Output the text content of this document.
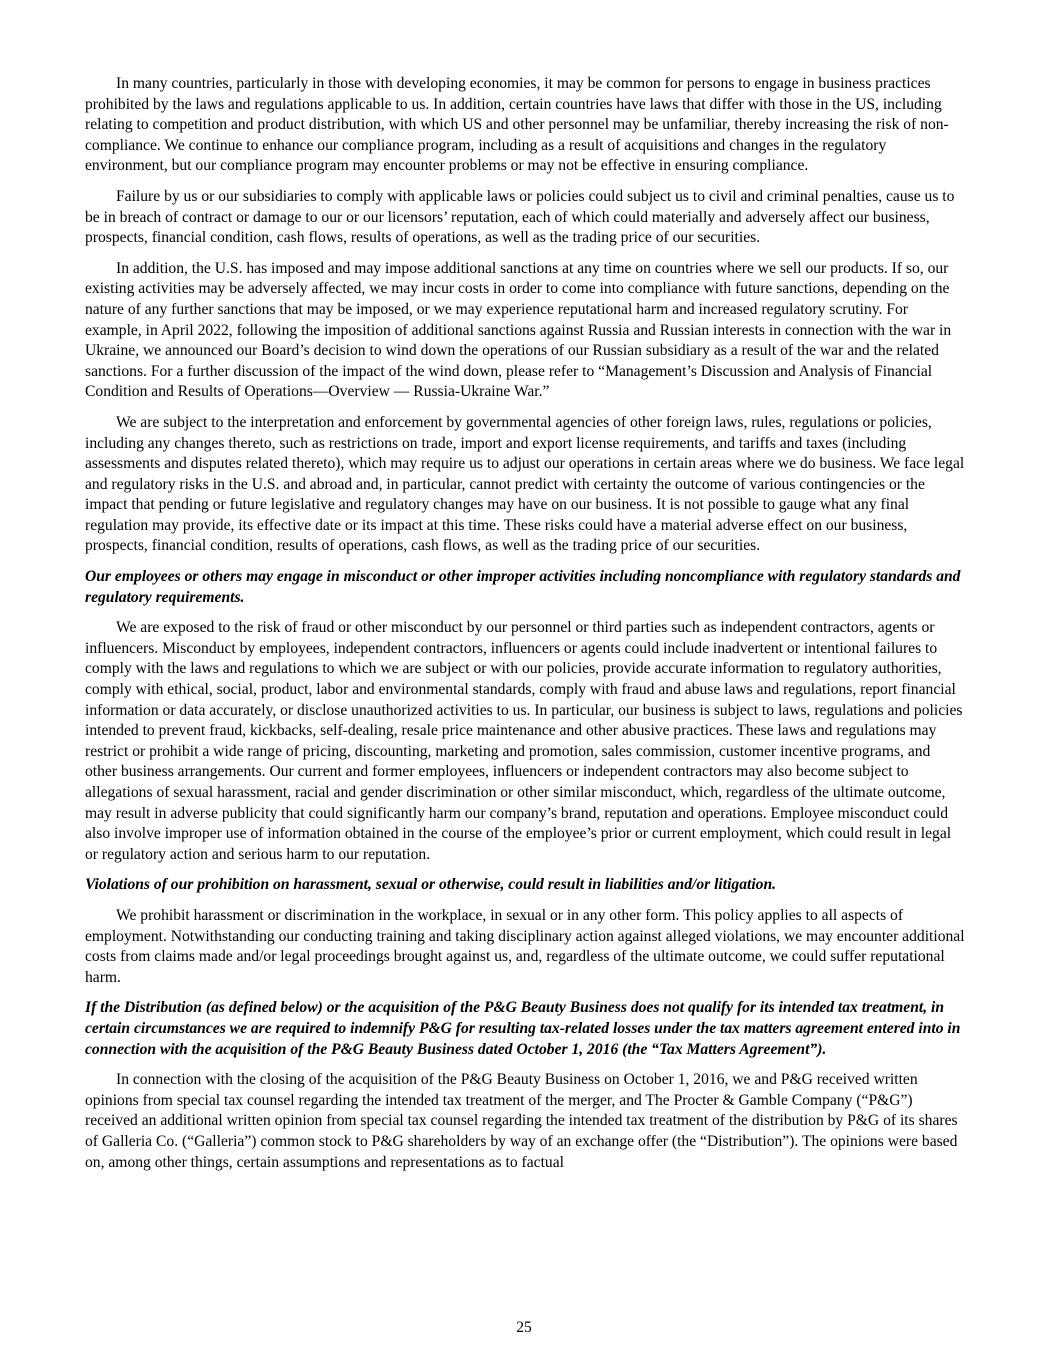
In many countries, particularly in those with developing economies, it may be common for persons to engage in business practices prohibited by the laws and regulations applicable to us. In addition, certain countries have laws that differ with those in the US, including relating to competition and product distribution, with which US and other personnel may be unfamiliar, thereby increasing the risk of non-compliance. We continue to enhance our compliance program, including as a result of acquisitions and changes in the regulatory environment, but our compliance program may encounter problems or may not be effective in ensuring compliance.

Failure by us or our subsidiaries to comply with applicable laws or policies could subject us to civil and criminal penalties, cause us to be in breach of contract or damage to our or our licensors’ reputation, each of which could materially and adversely affect our business, prospects, financial condition, cash flows, results of operations, as well as the trading price of our securities.

In addition, the U.S. has imposed and may impose additional sanctions at any time on countries where we sell our products. If so, our existing activities may be adversely affected, we may incur costs in order to come into compliance with future sanctions, depending on the nature of any further sanctions that may be imposed, or we may experience reputational harm and increased regulatory scrutiny. For example, in April 2022, following the imposition of additional sanctions against Russia and Russian interests in connection with the war in Ukraine, we announced our Board’s decision to wind down the operations of our Russian subsidiary as a result of the war and the related sanctions. For a further discussion of the impact of the wind down, please refer to “Management’s Discussion and Analysis of Financial Condition and Results of Operations—Overview — Russia-Ukraine War.”

We are subject to the interpretation and enforcement by governmental agencies of other foreign laws, rules, regulations or policies, including any changes thereto, such as restrictions on trade, import and export license requirements, and tariffs and taxes (including assessments and disputes related thereto), which may require us to adjust our operations in certain areas where we do business. We face legal and regulatory risks in the U.S. and abroad and, in particular, cannot predict with certainty the outcome of various contingencies or the impact that pending or future legislative and regulatory changes may have on our business. It is not possible to gauge what any final regulation may provide, its effective date or its impact at this time. These risks could have a material adverse effect on our business, prospects, financial condition, results of operations, cash flows, as well as the trading price of our securities.

Our employees or others may engage in misconduct or other improper activities including noncompliance with regulatory standards and regulatory requirements.

We are exposed to the risk of fraud or other misconduct by our personnel or third parties such as independent contractors, agents or influencers. Misconduct by employees, independent contractors, influencers or agents could include inadvertent or intentional failures to comply with the laws and regulations to which we are subject or with our policies, provide accurate information to regulatory authorities, comply with ethical, social, product, labor and environmental standards, comply with fraud and abuse laws and regulations, report financial information or data accurately, or disclose unauthorized activities to us. In particular, our business is subject to laws, regulations and policies intended to prevent fraud, kickbacks, self-dealing, resale price maintenance and other abusive practices. These laws and regulations may restrict or prohibit a wide range of pricing, discounting, marketing and promotion, sales commission, customer incentive programs, and other business arrangements. Our current and former employees, influencers or independent contractors may also become subject to allegations of sexual harassment, racial and gender discrimination or other similar misconduct, which, regardless of the ultimate outcome, may result in adverse publicity that could significantly harm our company’s brand, reputation and operations. Employee misconduct could also involve improper use of information obtained in the course of the employee’s prior or current employment, which could result in legal or regulatory action and serious harm to our reputation.

Violations of our prohibition on harassment, sexual or otherwise, could result in liabilities and/or litigation.

We prohibit harassment or discrimination in the workplace, in sexual or in any other form. This policy applies to all aspects of employment. Notwithstanding our conducting training and taking disciplinary action against alleged violations, we may encounter additional costs from claims made and/or legal proceedings brought against us, and, regardless of the ultimate outcome, we could suffer reputational harm.

If the Distribution (as defined below) or the acquisition of the P&G Beauty Business does not qualify for its intended tax treatment, in certain circumstances we are required to indemnify P&G for resulting tax-related losses under the tax matters agreement entered into in connection with the acquisition of the P&G Beauty Business dated October 1, 2016 (the “Tax Matters Agreement”).

In connection with the closing of the acquisition of the P&G Beauty Business on October 1, 2016, we and P&G received written opinions from special tax counsel regarding the intended tax treatment of the merger, and The Procter & Gamble Company (“P&G”) received an additional written opinion from special tax counsel regarding the intended tax treatment of the distribution by P&G of its shares of Galleria Co. (“Galleria”) common stock to P&G shareholders by way of an exchange offer (the “Distribution”). The opinions were based on, among other things, certain assumptions and representations as to factual

25
